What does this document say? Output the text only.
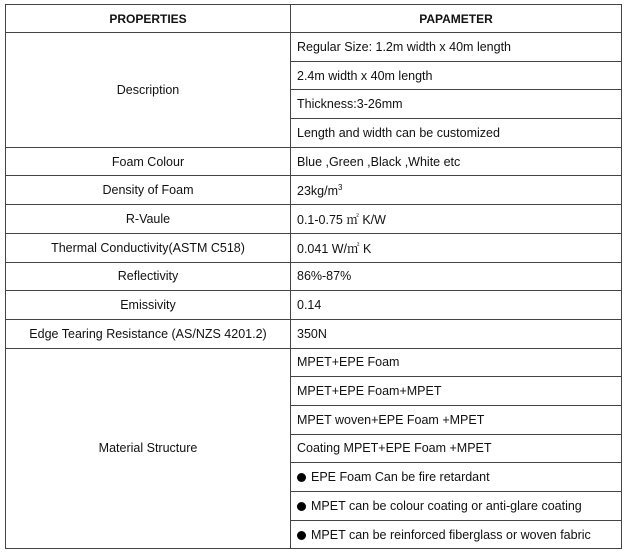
PROPERTIES	PAPAMETER
Description	Regular Size: 1.2m width x 40m length
	2.4m width x 40m length
	Thickness:3-26mm
	Length and width can be customized
Foam Colour	Blue ,Green ,Black ,White etc
Density of Foam	$23kg/m^3$
R-Vaule	0.1-0.75 ㎡ K/W
Thermal Conductivity(ASTM C518)	0.041 W/㎡ K
Reflectivity	86%-87%
Emissivity	0.14
Edge Tearing Resistance (AS/NZS 4201.2)	350N
Material Structure	MPET+EPE Foam
	MPET+EPE Foam+MPET
	MPET woven+EPE Foam +MPET
	Coating MPET+EPE Foam +MPET
	EPE Foam Can be fire retardant
	MPET can be colour coating or anti-glare coating
	MPET can be reinforced fiberglass or woven fabric
